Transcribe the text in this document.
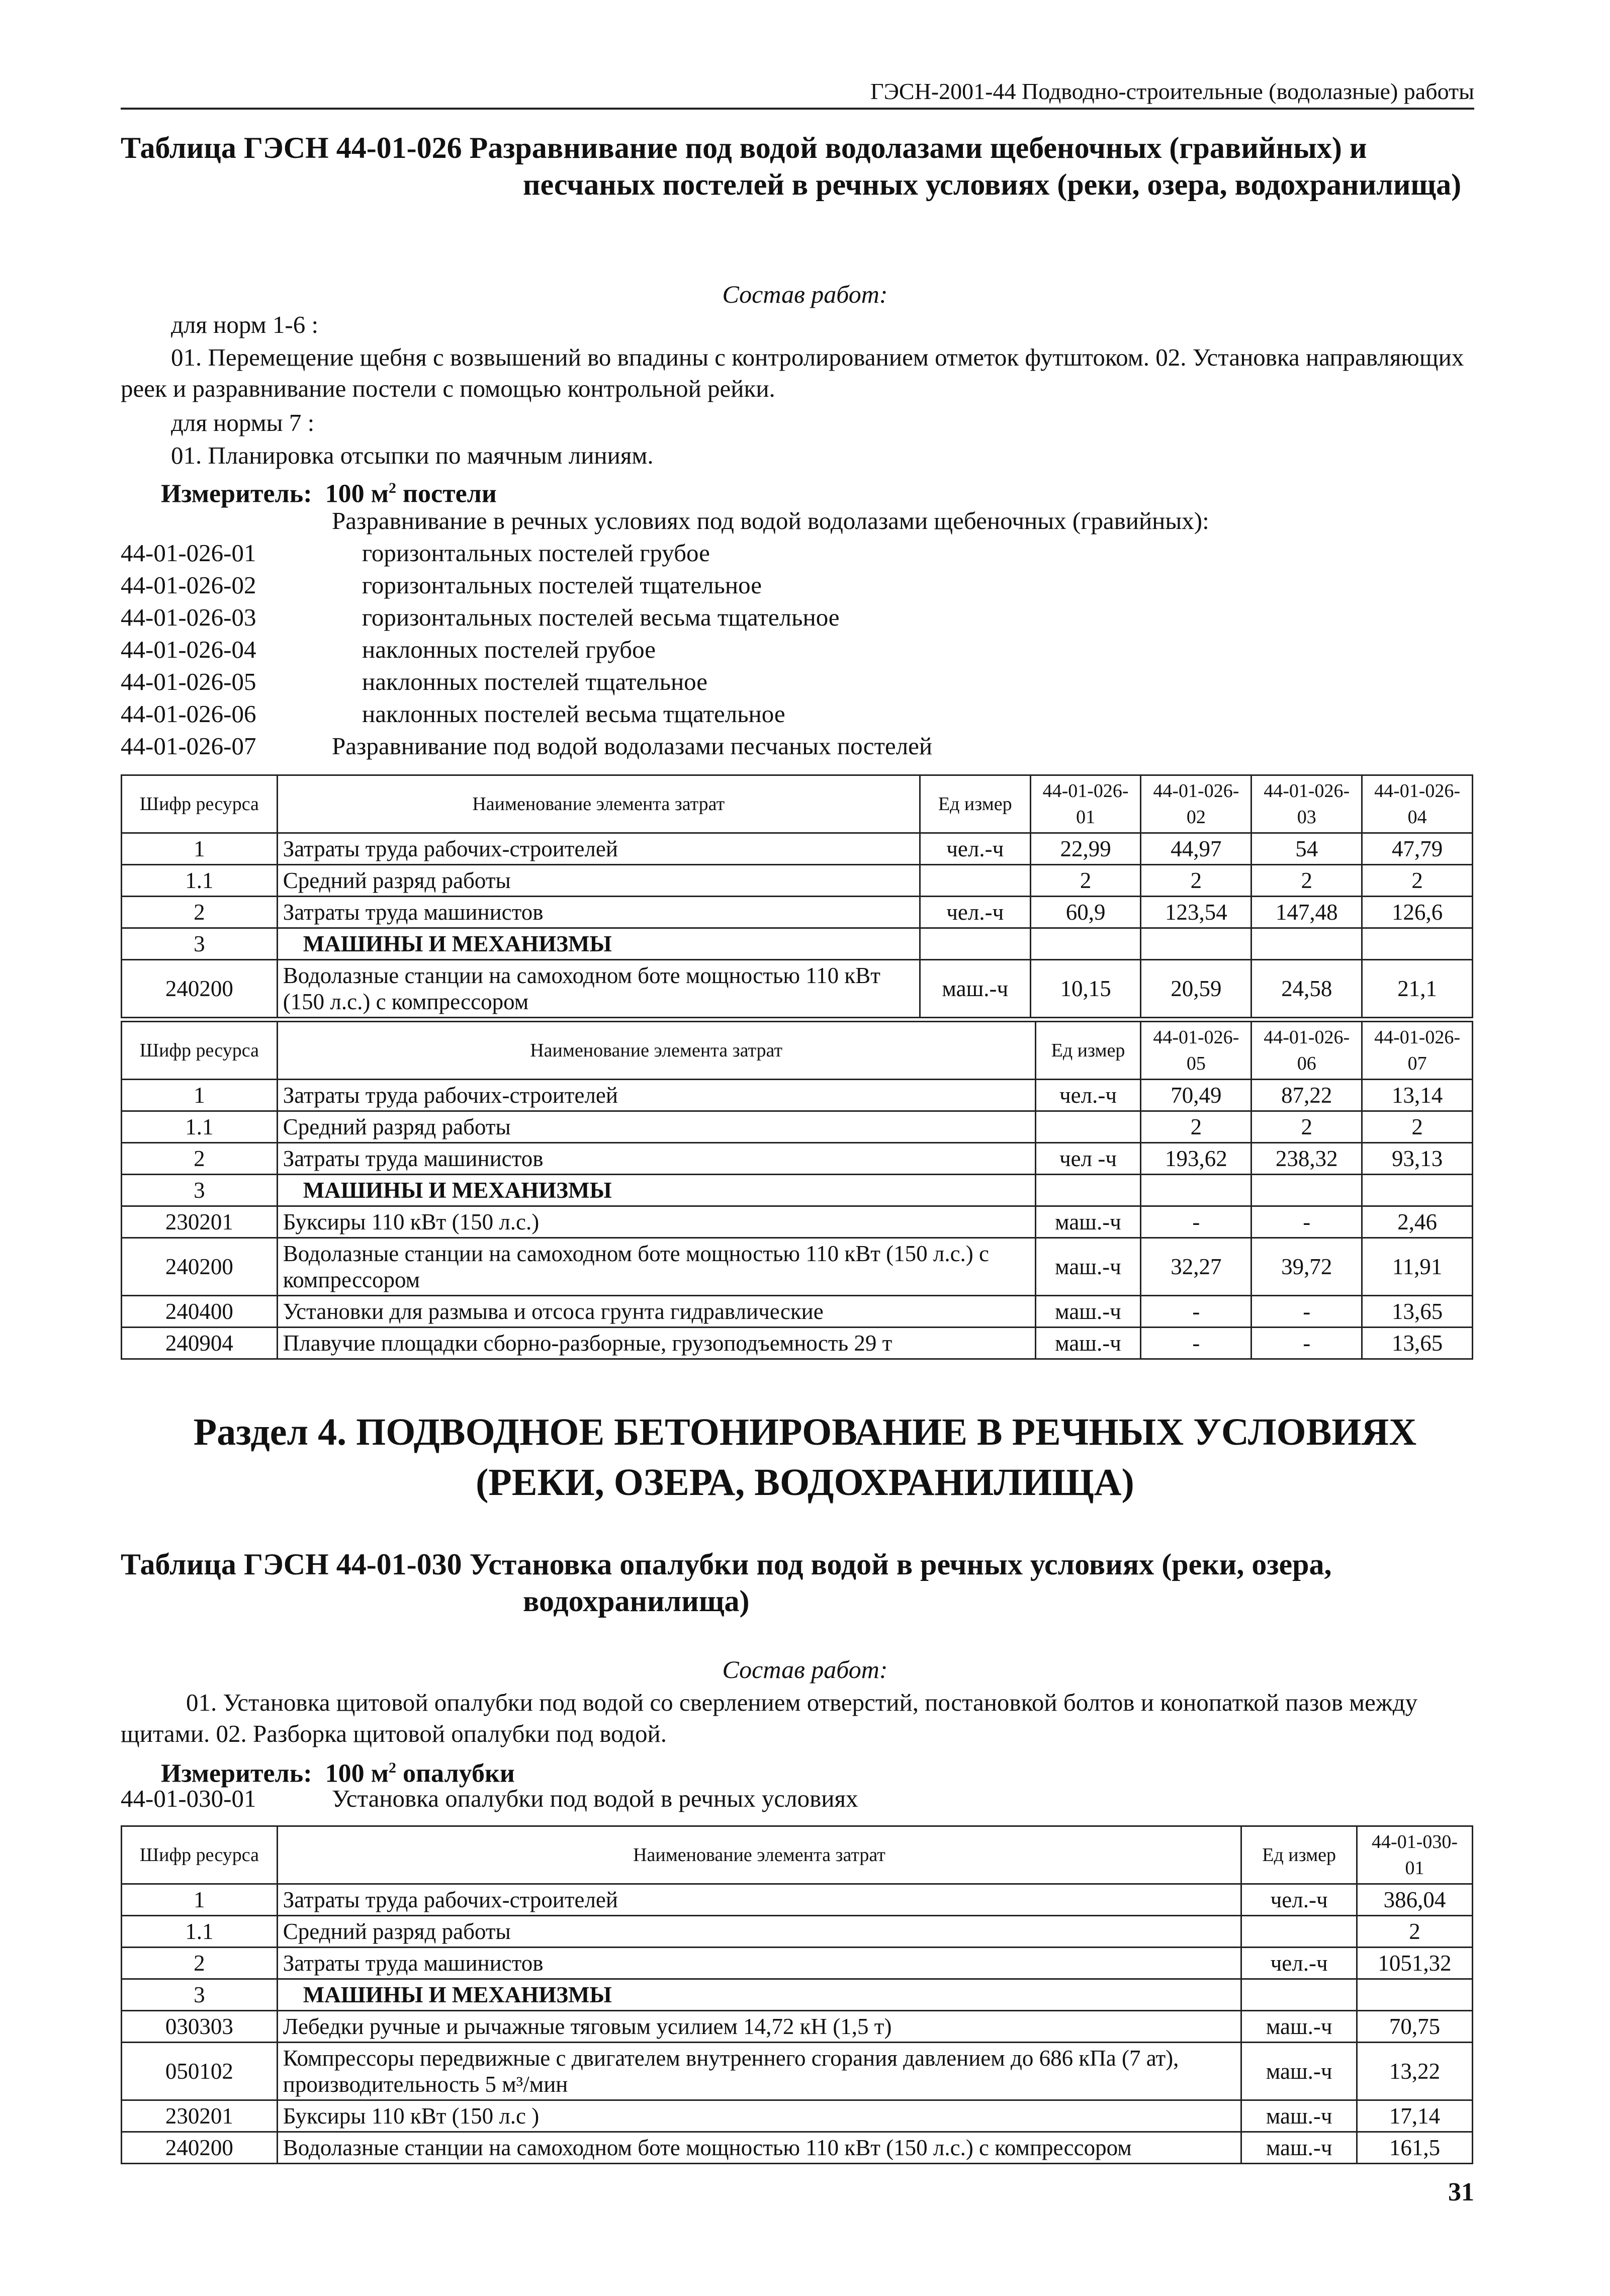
ГЭСН-2001-44 Подводно-строительные (водолазные) работы
Таблица ГЭСН 44-01-026 Разравнивание под водой водолазами щебеночных (гравийных) и песчаных постелей в речных условиях (реки, озера, водохранилища)
Состав работ:
для норм 1-6 :

01. Перемещение щебня с возвышений во впадины с контролированием отметок футштоком. 02. Установка направляющих реек и разравнивание постели с помощью контрольной рейки.

для нормы 7 :
01. Планировка отсыпки по маячным линиям.
Измеритель: 100 $м^2$ постели
Разравнивание в речных условиях под водой водолазами щебеночных (гравийных):
44-01-026-01	горизонтальных постелей грубое
44-01-026-02	горизонтальных постелей тщательное
44-01-026-03	горизонтальных постелей весьма тщательное
44-01-026-04	наклонных постелей грубое
44-01-026-05	наклонных постелей тщательное
44-01-026-06	наклонных постелей весьма тщательное
44-01-026-07	Разравнивание под водой водолазами песчаных постелей
Шифр ресурса	Наименование элемента затрат	Ед измер	44-01-026-01	44-01-026-02	44-01-026-03	44-01-026-04
1	Затраты труда рабочих-строителей	чел.-ч	22,99	44,97	54	47,79
1.1	Средний разряд работы		2	2	2	2
2	Затраты труда машинистов	чел.-ч	60,9	123,54	147,48	126,6
3	МАШИНЫ И МЕХАНИЗМЫ					
240200	Водолазные станции на самоходном боте мощностью 110 кВт (150 л.с.) с компрессором	маш.-ч	10,15	20,59	24,58	21,1
Шифр ресурса	Наименование элемента затрат	Ед измер	44-01-026-05	44-01-026-06	44-01-026-07
1	Затраты труда рабочих-строителей	чел.-ч	70,49	87,22	13,14
1.1	Средний разряд работы		2	2	2
2	Затраты труда машинистов	чел -ч	193,62	238,32	93,13
3	МАШИНЫ И МЕХАНИЗМЫ				
230201	Буксиры 110 кВт (150 л.с.)	маш.-ч	-	-	2,46
240200	Водолазные станции на самоходном боте мощностью 110 кВт (150 л.с.) с компрессором	маш.-ч	32,27	39,72	11,91
240400	Установки для размыва и отсоса грунта гидравлические	маш.-ч	-	-	13,65
240904	Плавучие площадки сборно-разборные, грузоподъемность 29 т	маш.-ч	-	-	13,65
Раздел 4. ПОДВОДНОЕ БЕТОНИРОВАНИЕ В РЕЧНЫХ УСЛОВИЯХ
(РЕКИ, ОЗЕРА, ВОДОХРАНИЛИЩА)
Таблица ГЭСН 44-01-030 Установка опалубки под водой в речных условиях (реки, озера, водохранилища)
Состав работ:

01. Установка щитовой опалубки под водой со сверлением отверстий, постановкой болтов и конопаткой пазов между щитами. 02. Разборка щитовой опалубки под водой.

Измеритель: 100 $м^2$ опалубки
44-01-030-01	Установка опалубки под водой в речных условиях
Шифр ресурса	Наименование элемента затрат	Ед измер	44-01-030-01
1	Затраты труда рабочих-строителей	чел.-ч	386,04
1.1	Средний разряд работы		2
2	Затраты труда машинистов	чел.-ч	1051,32
3	МАШИНЫ И МЕХАНИЗМЫ		
030303	Лебедки ручные и рычажные тяговым усилием 14,72 кН (1,5 т)	маш.-ч	70,75
050102	Компрессоры передвижные с двигателем внутреннего сгорания давлением до 686 кПа (7 ат), производительность 5 м³/мин	маш.-ч	13,22
230201	Буксиры 110 кВт (150 л.с )	маш.-ч	17,14
240200	Водолазные станции на самоходном боте мощностью 110 кВт (150 л.с.) с компрессором	маш.-ч	161,5
31
